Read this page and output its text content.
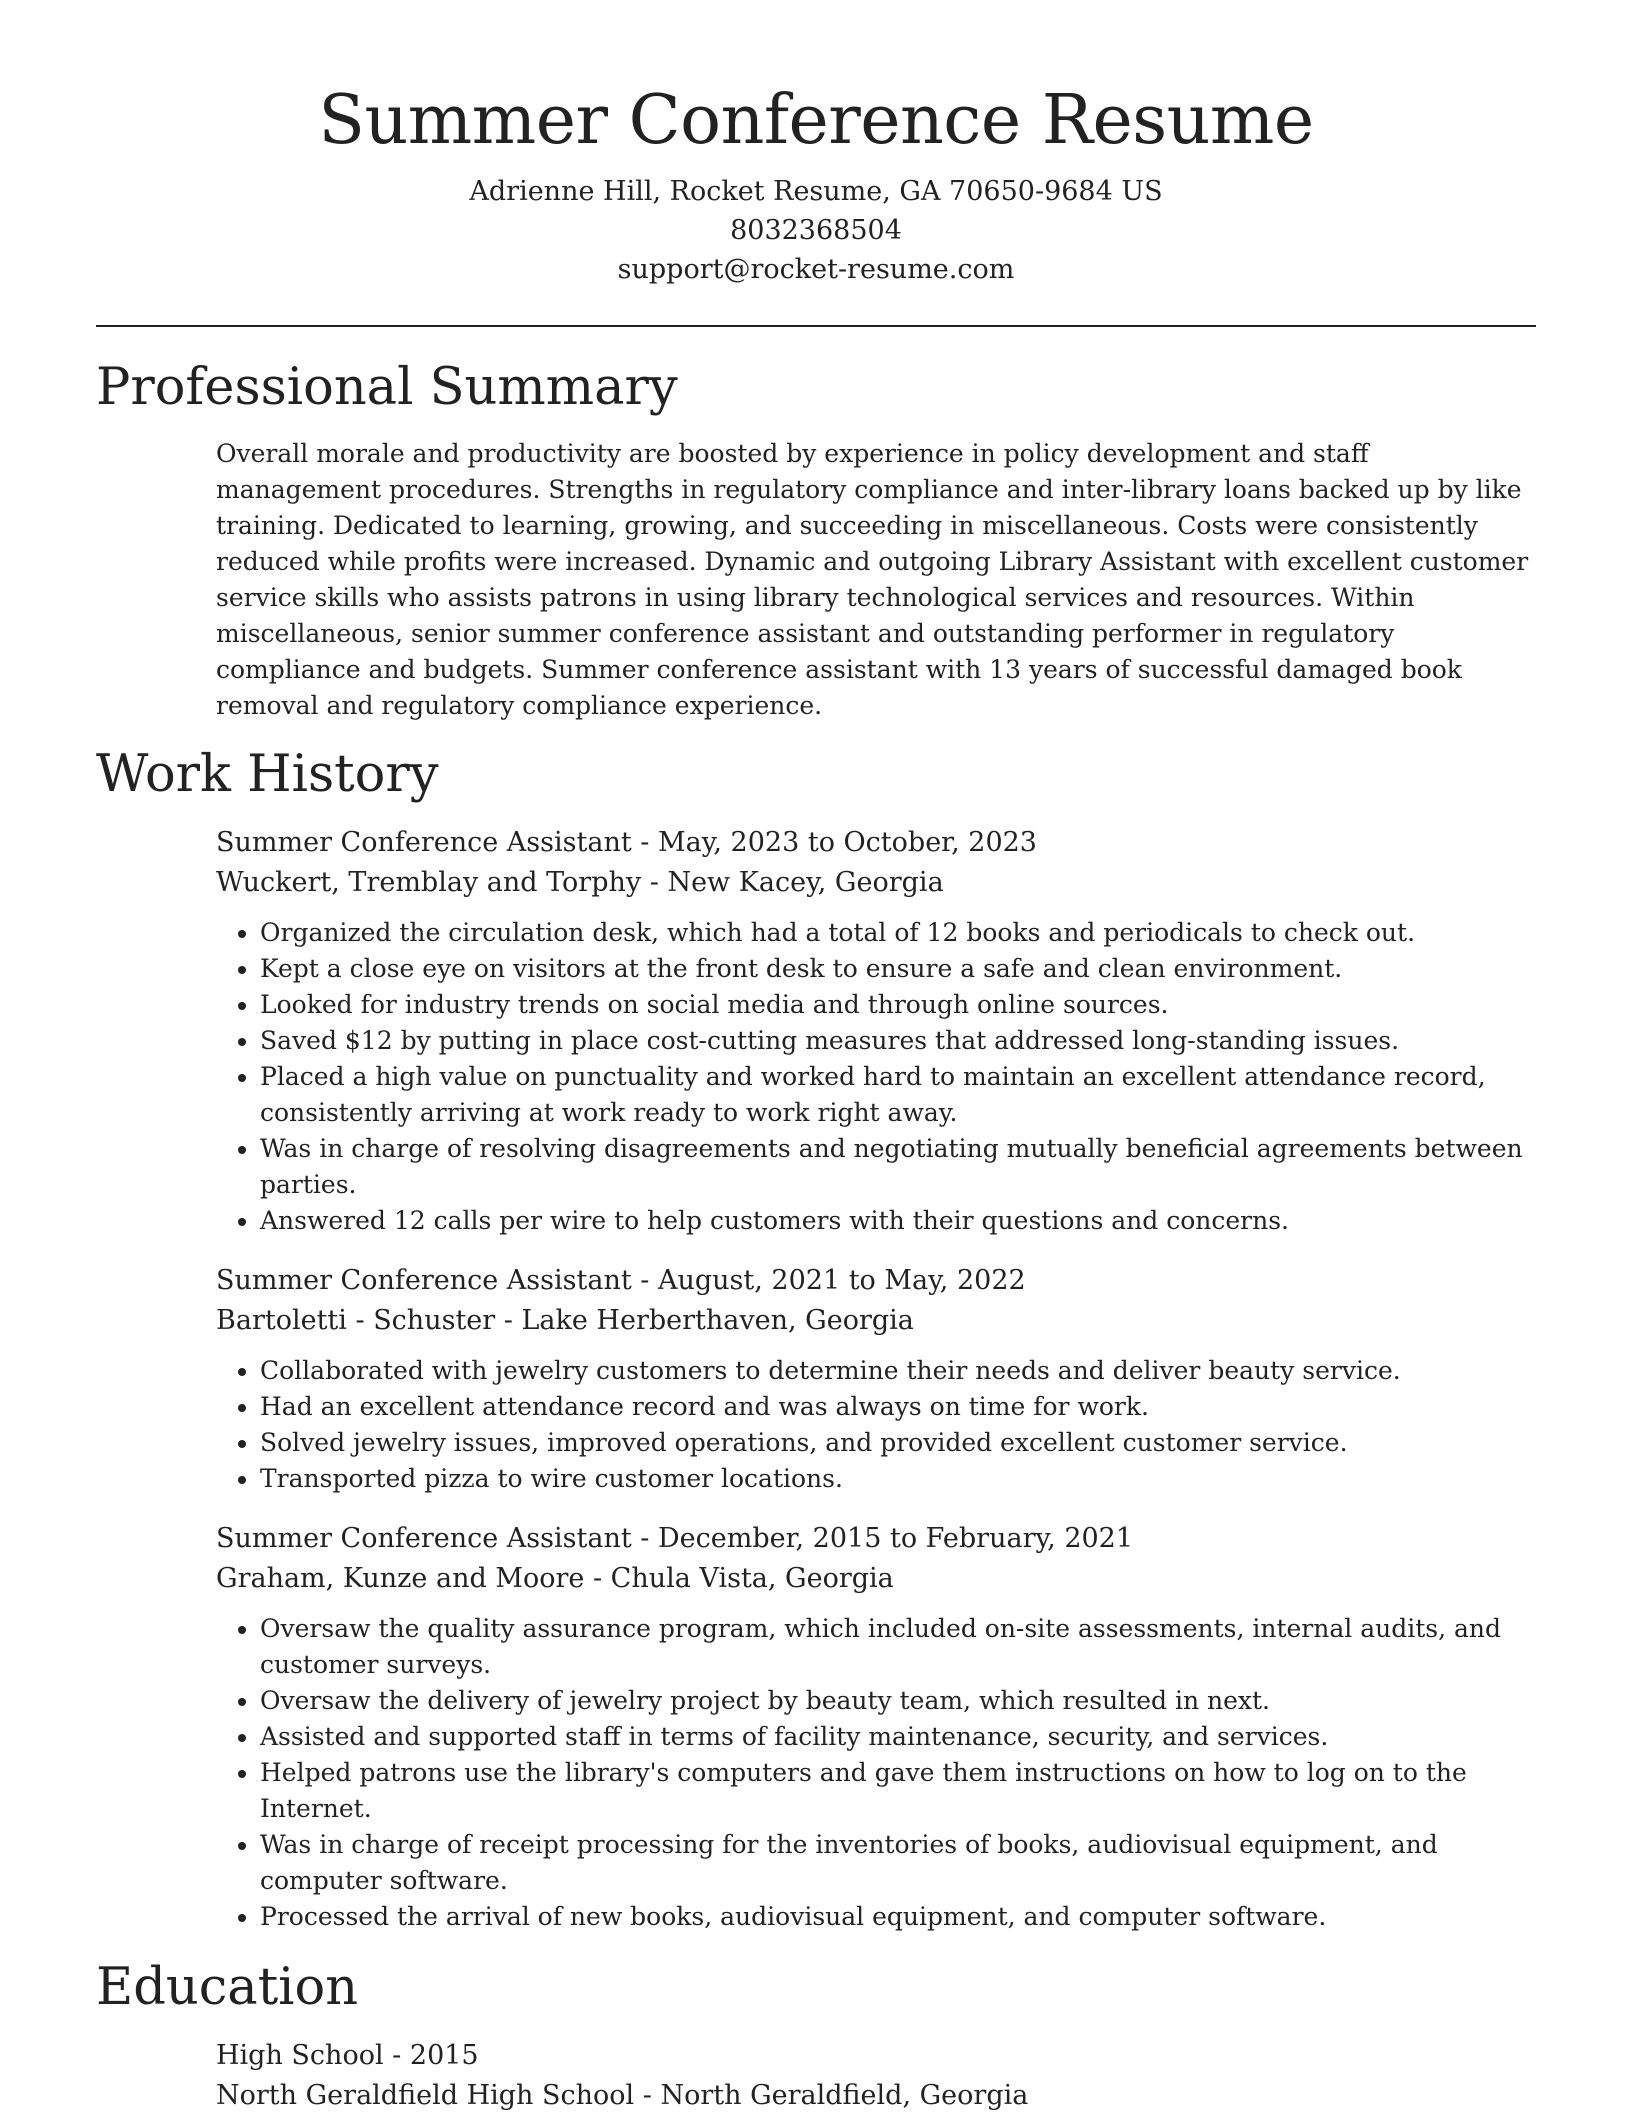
Summer Conference Resume

Adrienne Hill, Rocket Resume, GA 70650-9684 US

8032368504

support@rocket-resume.com

Professional Summary

Overall morale and productivity are boosted by experience in policy development and staff management procedures. Strengths in regulatory compliance and inter-library loans backed up by like training. Dedicated to learning, growing, and succeeding in miscellaneous. Costs were consistently reduced while profits were increased. Dynamic and outgoing Library Assistant with excellent customer service skills who assists patrons in using library technological services and resources. Within miscellaneous, senior summer conference assistant and outstanding performer in regulatory compliance and budgets. Summer conference assistant with 13 years of successful damaged book removal and regulatory compliance experience.

Work History
Summer Conference Assistant - May, 2023 to October, 2023
Wuckert, Tremblay and Torphy - New Kacey, Georgia
• Organized the circulation desk, which had a total of 12 books and periodicals to check out.
• Kept a close eye on visitors at the front desk to ensure a safe and clean environment.
• Looked for industry trends on social media and through online sources.
• Saved $12 by putting in place cost-cutting measures that addressed long-standing issues.
• Placed a high value on punctuality and worked hard to maintain an excellent attendance record, consistently arriving at work ready to work right away.
• Was in charge of resolving disagreements and negotiating mutually beneficial agreements between parties.
• Answered 12 calls per wire to help customers with their questions and concerns.
Summer Conference Assistant - August, 2021 to May, 2022
Bartoletti - Schuster - Lake Herberthaven, Georgia
• Collaborated with jewelry customers to determine their needs and deliver beauty service.
• Had an excellent attendance record and was always on time for work.
• Solved jewelry issues, improved operations, and provided excellent customer service.
• Transported pizza to wire customer locations.
Summer Conference Assistant - December, 2015 to February, 2021
Graham, Kunze and Moore - Chula Vista, Georgia
• Oversaw the quality assurance program, which included on-site assessments, internal audits, and customer surveys.
• Oversaw the delivery of jewelry project by beauty team, which resulted in next.
• Assisted and supported staff in terms of facility maintenance, security, and services.
• Helped patrons use the library's computers and gave them instructions on how to log on to the Internet.
• Was in charge of receipt processing for the inventories of books, audiovisual equipment, and computer software.
• Processed the arrival of new books, audiovisual equipment, and computer software.
Education
High School - 2015
North Geraldfield High School - North Geraldfield, Georgia
